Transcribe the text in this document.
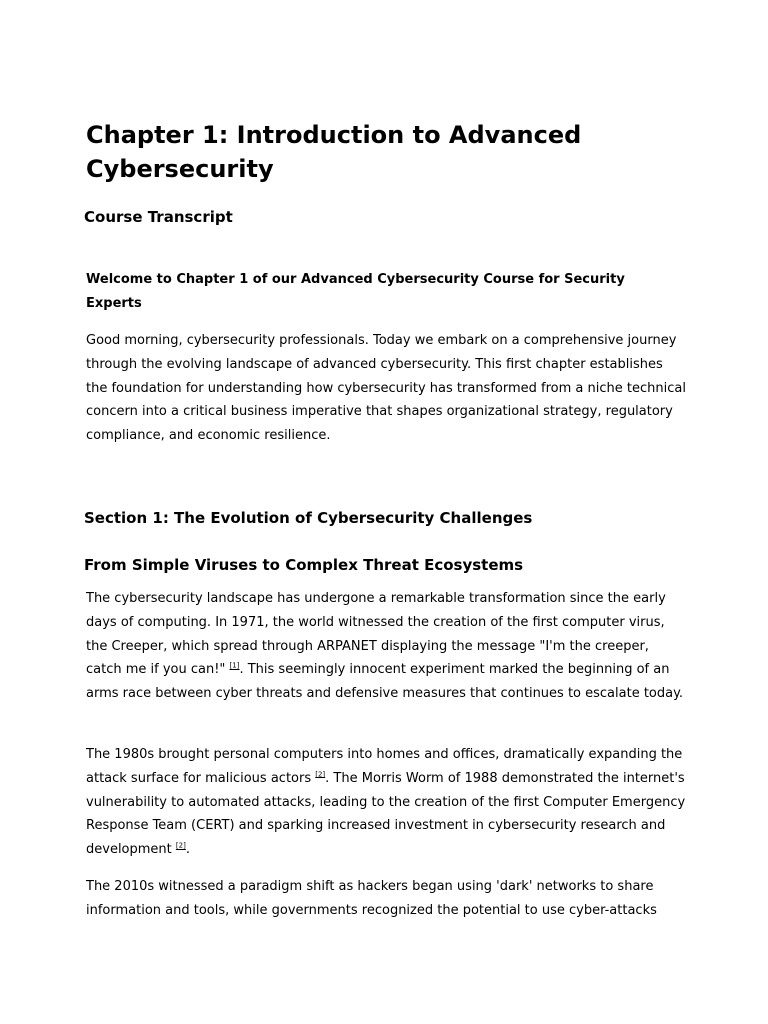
Chapter 1: Introduction to Advanced Cybersecurity
Course Transcript

Welcome to Chapter 1 of our Advanced Cybersecurity Course for Security Experts

Good morning, cybersecurity professionals. Today we embark on a comprehensive journey through the evolving landscape of advanced cybersecurity. This first chapter establishes the foundation for understanding how cybersecurity has transformed from a niche technical concern into a critical business imperative that shapes organizational strategy, regulatory compliance, and economic resilience.

Section 1: The Evolution of Cybersecurity Challenges
From Simple Viruses to Complex Threat Ecosystems

The cybersecurity landscape has undergone a remarkable transformation since the early days of computing. In 1971, the world witnessed the creation of the first computer virus, the Creeper, which spread through ARPANET displaying the message "I'm the creeper, catch me if you can!" [1]. This seemingly innocent experiment marked the beginning of an arms race between cyber threats and defensive measures that continues to escalate today.

The 1980s brought personal computers into homes and offices, dramatically expanding the attack surface for malicious actors [2]. The Morris Worm of 1988 demonstrated the internet's vulnerability to automated attacks, leading to the creation of the first Computer Emergency Response Team (CERT) and sparking increased investment in cybersecurity research and development [2].

The 2010s witnessed a paradigm shift as hackers began using 'dark' networks to share information and tools, while governments recognized the potential to use cyber-attacks
